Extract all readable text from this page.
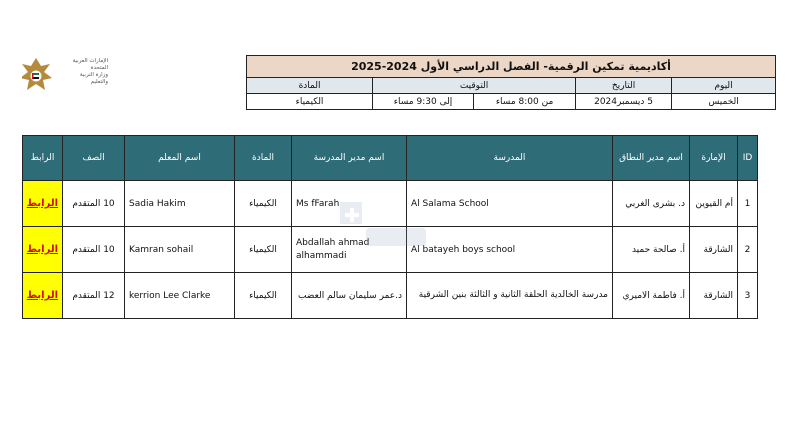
الإمارات العربية المتحدة
وزارة التربية والتعليم
أكاديمية تمكين الرقمية- الفصل الدراسي الأول 2024-2025				
اليوم	التاريخ	التوقيت		المادة
الخميس	5 ديسمبر2024	من 8:00 مساء	إلى 9:30 مساء	الكيمياء
ID	الإمارة	اسم مدير النطاق	المدرسة	اسم مدير المدرسة	المادة	اسم المعلم	الصف	الرابط
1	أم القيوين	د. بشرى الغربي	Al Salama School	Ms fFarah	الكيمياء	Sadia Hakim	10 المتقدم	الرابط
2	الشارقة	أ. صالحة حميد	Al batayeh boys school	Abdallah ahmad alhammadi	الكيمياء	Kamran sohail	10 المتقدم	الرابط
3	الشارقة	أ. فاطمة الاميري	مدرسة الخالدية الحلقة الثانية و الثالثة بنين الشرقية	د.عمر سليمان سالم العضب	الكيمياء	kerrion Lee Clarke	12 المتقدم	الرابط
